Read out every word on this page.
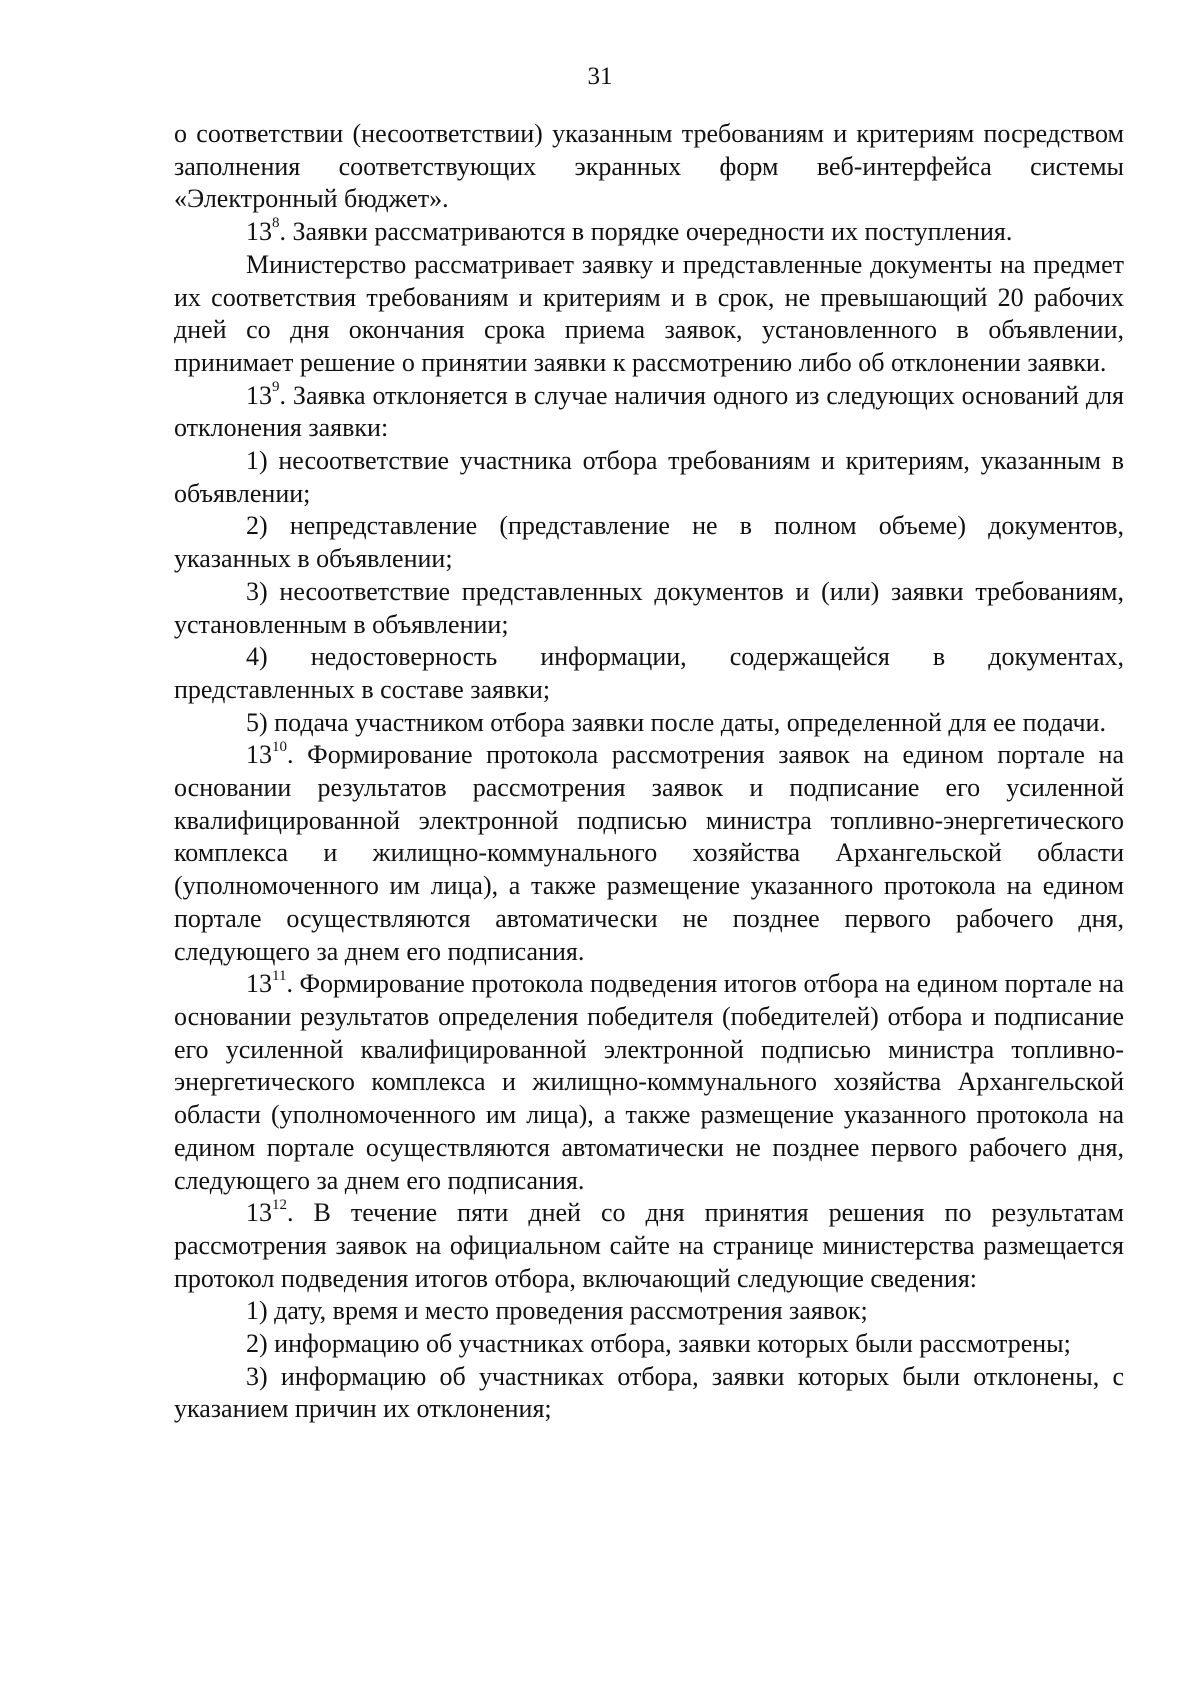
31

о соответствии (несоответствии) указанным требованиям и критериям посредством заполнения соответствующих экранных форм веб-интерфейса системы «Электронный бюджет».

$13^8$. Заявки рассматриваются в порядке очередности их поступления.

Министерство рассматривает заявку и представленные документы на предмет их соответствия требованиям и критериям и в срок, не превышающий 20 рабочих дней со дня окончания срока приема заявок, установленного в объявлении, принимает решение о принятии заявки к рассмотрению либо об отклонении заявки.

$13^9$. Заявка отклоняется в случае наличия одного из следующих оснований для отклонения заявки:

1) несоответствие участника отбора требованиям и критериям, указанным в объявлении;

2) непредставление (представление не в полном объеме) документов, указанных в объявлении;

3) несоответствие представленных документов и (или) заявки требованиям, установленным в объявлении;

4) недостоверность информации, содержащейся в документах, представленных в составе заявки;

5) подача участником отбора заявки после даты, определенной для ее подачи.

$13^{10}$. Формирование протокола рассмотрения заявок на едином портале на основании результатов рассмотрения заявок и подписание его усиленной квалифицированной электронной подписью министра топливно-энергетического комплекса и жилищно-коммунального хозяйства Архангельской области (уполномоченного им лица), а также размещение указанного протокола на едином портале осуществляются автоматически не позднее первого рабочего дня, следующего за днем его подписания.

$13^{11}$. Формирование протокола подведения итогов отбора на едином портале на основании результатов определения победителя (победителей) отбора и подписание его усиленной квалифицированной электронной подписью министра топливно-энергетического комплекса и жилищно-коммунального хозяйства Архангельской области (уполномоченного им лица), а также размещение указанного протокола на едином портале осуществляются автоматически не позднее первого рабочего дня, следующего за днем его подписания.

$13^{12}$. В течение пяти дней со дня принятия решения по результатам рассмотрения заявок на официальном сайте на странице министерства размещается протокол подведения итогов отбора, включающий следующие сведения:

1) дату, время и место проведения рассмотрения заявок;

2) информацию об участниках отбора, заявки которых были рассмотрены;

3) информацию об участниках отбора, заявки которых были отклонены, с указанием причин их отклонения;
